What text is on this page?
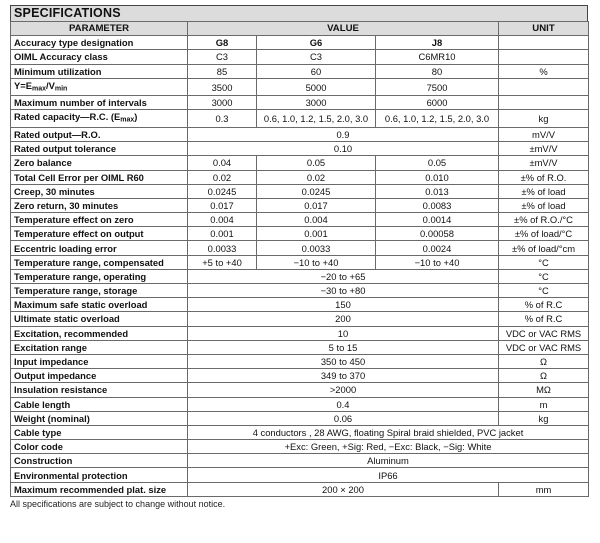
SPECIFICATIONS
PARAMETER	VALUE			UNIT
Accuracy type designation	G8	G6	J8	
OIML Accuracy class	C3	C3	C6MR10	
Minimum utilization	85	60	80	%
$Y=E_{max}/V_{min}$	3500	5000	7500	
Maximum number of intervals	3000	3000	6000	
Rated capacity—R.C. $(E_{max})$	0.3	0.6, 1.0, 1.2, 1.5, 2.0, 3.0	0.6, 1.0, 1.2, 1.5, 2.0, 3.0	kg
Rated output—R.O.	0.9			mV/V
Rated output tolerance	0.10			±mV/V
Zero balance	0.04	0.05	0.05	±mV/V
Total Cell Error per OIML R60	0.02	0.02	0.010	±% of R.O.
Creep, 30 minutes	0.0245	0.0245	0.013	±% of load
Zero return, 30 minutes	0.017	0.017	0.0083	±% of load
Temperature effect on zero	0.004	0.004	0.0014	±% of R.O./°C
Temperature effect on output	0.001	0.001	0.00058	±% of load/°C
Eccentric loading error	0.0033	0.0033	0.0024	±% of load/°cm
Temperature range, compensated	+5 to +40	−10 to +40	−10 to +40	°C
Temperature range, operating	−20 to +65			°C
Temperature range, storage	−30 to +80			°C
Maximum safe static overload	150			% of R.C
Ultimate static overload	200			% of R.C
Excitation, recommended	10			VDC or VAC RMS
Excitation range	5 to 15			VDC or VAC RMS
Input impedance	350 to 450			Ω
Output impedance	349 to 370			Ω
Insulation resistance	>2000			MΩ
Cable length	0.4			m
Weight (nominal)	0.06			kg
Cable type	4 conductors , 28 AWG, floating Spiral braid shielded, PVC jacket			
Color code	+Exc: Green, +Sig: Red, −Exc: Black, −Sig: White			
Construction	Aluminum			
Environmental protection	IP66			
Maximum recommended plat. size	200 × 200			mm
All specifications are subject to change without notice.
